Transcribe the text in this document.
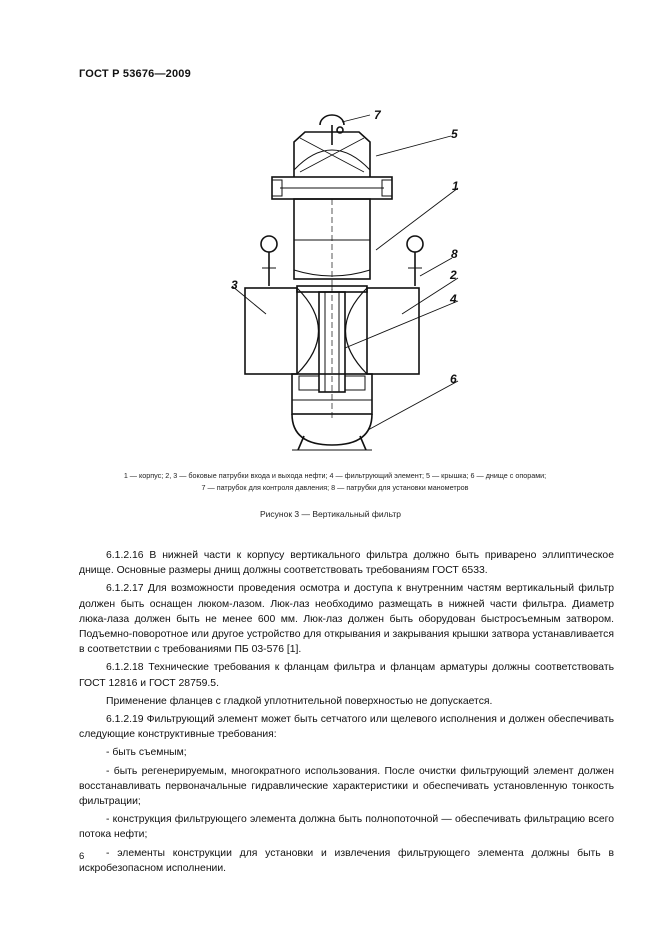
ГОСТ Р 53676—2009
7
5
1
8
3
2
4
6
1 — корпус; 2, 3 — боковые патрубки входа и выхода нефти; 4 — фильтрующий элемент; 5 — крышка; 6 — днище с опорами;
7 — патрубок для контроля давления; 8 — патрубки для установки манометров
Рисунок 3 — Вертикальный фильтр

6.1.2.16 В нижней части к корпусу вертикального фильтра должно быть приварено эллиптическое днище. Основные размеры днищ должны соответствовать требованиям ГОСТ 6533.

6.1.2.17 Для возможности проведения осмотра и доступа к внутренним частям вертикальный фильтр должен быть оснащен люком-лазом. Люк-лаз необходимо размещать в нижней части фильтра. Диаметр люка-лаза должен быть не менее 600 мм. Люк-лаз должен быть оборудован быстросъемным затвором. Подъемно-поворотное или другое устройство для открывания и закрывания крышки затвора устанавливается в соответствии с требованиями ПБ 03-576 [1].

6.1.2.18 Технические требования к фланцам фильтра и фланцам арматуры должны соответствовать ГОСТ 12816 и ГОСТ 28759.5.

Применение фланцев с гладкой уплотнительной поверхностью не допускается.

6.1.2.19 Фильтрующий элемент может быть сетчатого или щелевого исполнения и должен обеспечивать следующие конструктивные требования:

- быть съемным;

- быть регенерируемым, многократного использования. После очистки фильтрующий элемент должен восстанавливать первоначальные гидравлические характеристики и обеспечивать установленную тонкость фильтрации;

- конструкция фильтрующего элемента должна быть полнопоточной — обеспечивать фильтрацию всего потока нефти;

- элементы конструкции для установки и извлечения фильтрующего элемента должны быть в искробезопасном исполнении.

6
